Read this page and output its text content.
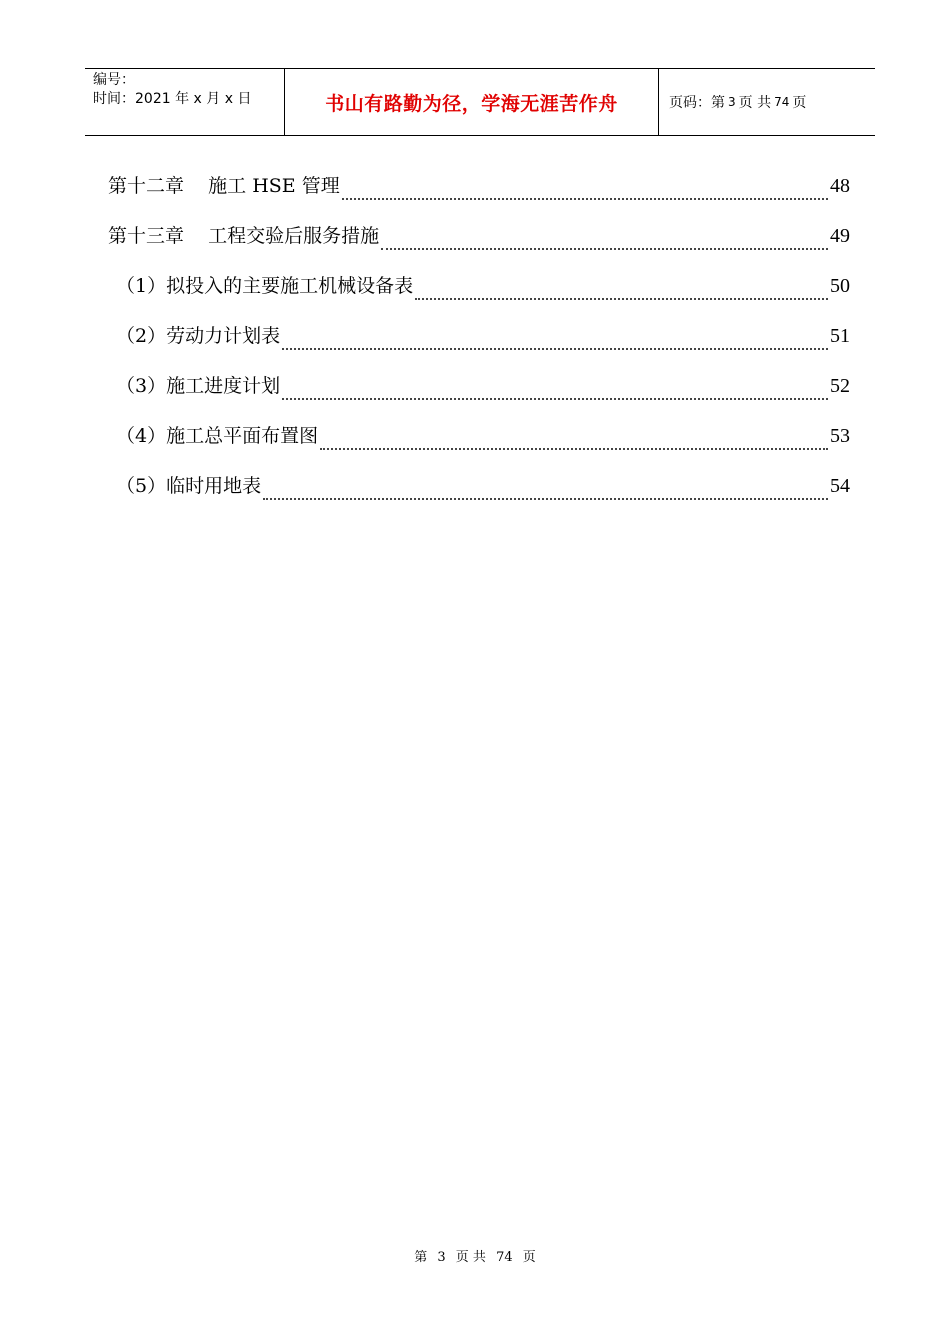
编号：
时间：2021 年 x 月 x 日	书山有路勤为径，学海无涯苦作舟	页码：第 3 页 共 74 页
第十二章    施工 HSE 管理	48
第十三章    工程交验后服务措施	49
（1）拟投入的主要施工机械设备表	50
（2）劳动力计划表	51
（3）施工进度计划	52
（4）施工总平面布置图	53
（5）临时用地表	54
第 3 页 共 74 页
